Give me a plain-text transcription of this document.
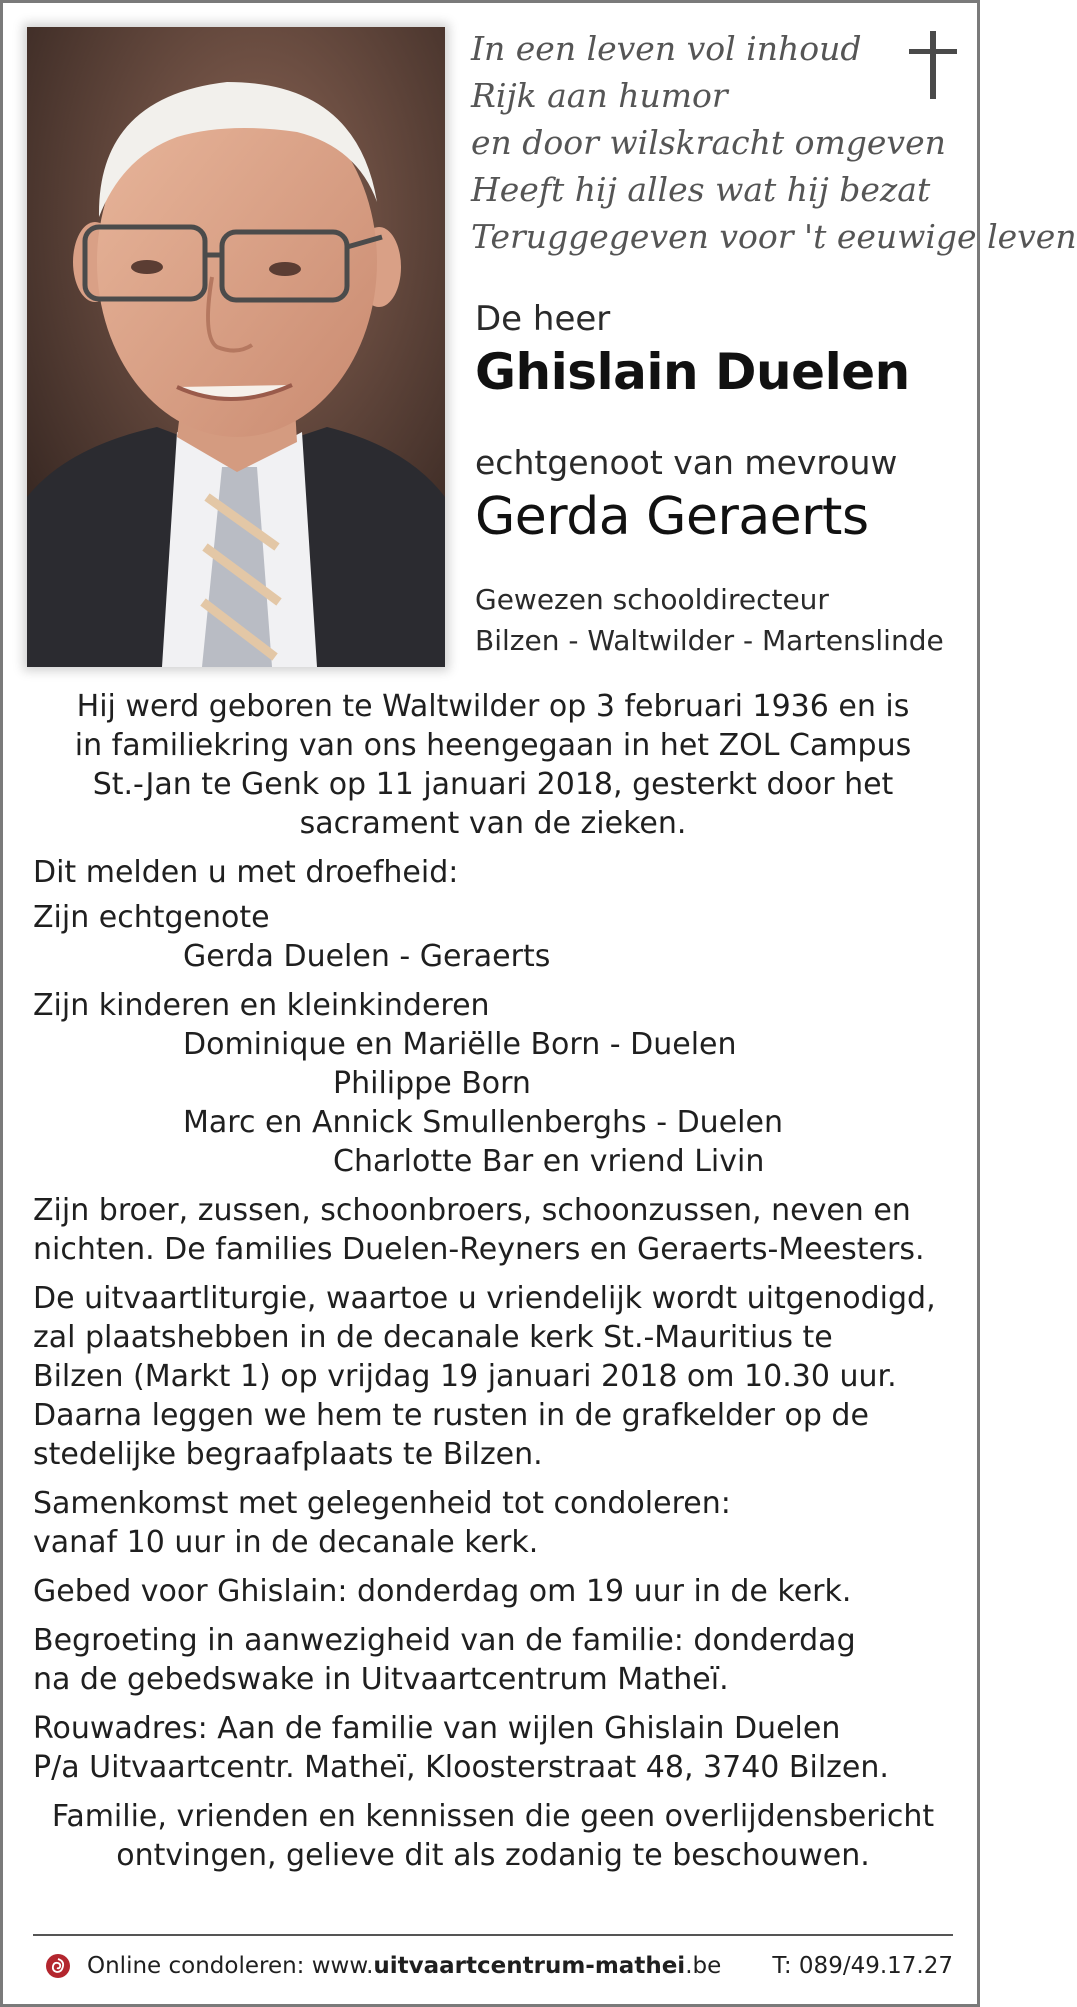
In een leven vol inhoud
Rijk aan humor
en door wilskracht omgeven
Heeft hij alles wat hij bezat
Teruggegeven voor 't eeuwige leven
De heer
Ghislain Duelen
echtgenoot van mevrouw
Gerda Geraerts
Gewezen schooldirecteur
Bilzen - Waltwilder - Martenslinde
Hij werd geboren te Waltwilder op 3 februari 1936 en is
in familiekring van ons heengegaan in het ZOL Campus
St.-Jan te Genk op 11 januari 2018, gesterkt door het
sacrament van de zieken.
Dit melden u met droefheid:
Zijn echtgenote
Gerda Duelen - Geraerts
Zijn kinderen en kleinkinderen
Dominique en Mariëlle Born - Duelen
Philippe Born
Marc en Annick Smullenberghs - Duelen
Charlotte Bar en vriend Livin
Zijn broer, zussen, schoonbroers, schoonzussen, neven en
nichten. De families Duelen-Reyners en Geraerts-Meesters.
De uitvaartliturgie, waartoe u vriendelijk wordt uitgenodigd,
zal plaatshebben in de decanale kerk St.-Mauritius te
Bilzen (Markt 1) op vrijdag 19 januari 2018 om 10.30 uur.
Daarna leggen we hem te rusten in de grafkelder op de
stedelijke begraafplaats te Bilzen.
Samenkomst met gelegenheid tot condoleren:
vanaf 10 uur in de decanale kerk.
Gebed voor Ghislain: donderdag om 19 uur in de kerk.
Begroeting in aanwezigheid van de familie: donderdag
na de gebedswake in Uitvaartcentrum Matheï.
Rouwadres: Aan de familie van wijlen Ghislain Duelen
P/a Uitvaartcentr. Matheï, Kloosterstraat 48, 3740 Bilzen.
Familie, vrienden en kennissen die geen overlijdensbericht
ontvingen, gelieve dit als zodanig te beschouwen.
Online condoleren: www.uitvaartcentrum-mathei.be T: 089/49.17.27
